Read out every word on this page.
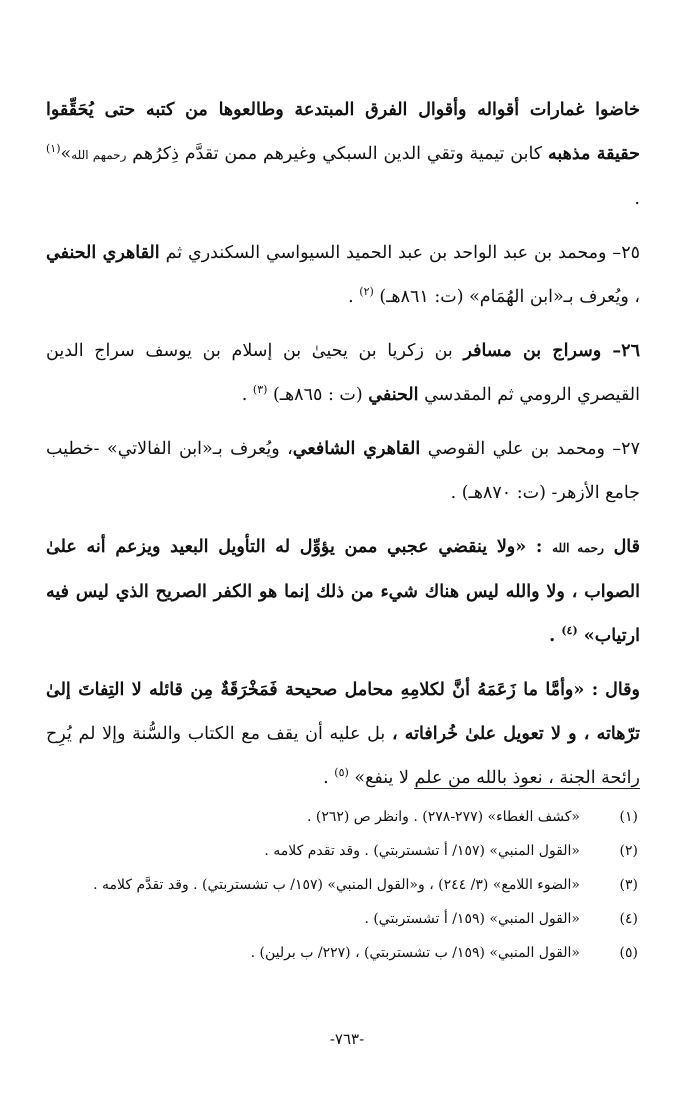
خاضوا غمارات أقواله وأقوال الفرق المبتدعة وطالعوها من كتبه حتى يُحَقِّقوا حقيقة مذهبه كابن تيمية وتقي الدين السبكي وغيرهم ممن تقدَّم ذِكرُهم رحمهم الله»$^{(١)}$ .

٢٥– ومحمد بن عبد الواحد بن عبد الحميد السيواسي السكندري ثم القاهري الحنفي ، ويُعرف بـ«ابن الهُمَام» (ت: ٨٦١هـ) $^{(٢)}$ .

٢٦– وسراج بن مسافر بن زكريا بن يحيىٰ بن إسلام بن يوسف سراج الدين القيصري الرومي ثم المقدسي الحنفي (ت : ٨٦٥هـ) $^{(٣)}$ .

٢٧– ومحمد بن علي القوصي القاهري الشافعي، ويُعرف بـ«ابن الفالاتي» -خطيب جامع الأزهر- (ت: ٨٧٠هـ) .

قال رحمه الله : «ولا ينقضي عجبي ممن يؤوِّل له التأويل البعيد ويزعم أنه علىٰ الصواب ، ولا والله ليس هناك شيء من ذلك إنما هو الكفر الصريح الذي ليس فيه ارتياب» $^{(٤)}$ .

وقال : «وأمَّا ما زَعَمَهُ أنَّ لكلامِهِ محامل صحيحة فَمَخْرَقَةٌ مِن قائله لا التِفاتَ إلىٰ ترّهاته ، و لا تعويل علىٰ خُرافاته ، بل عليه أن يقف مع الكتاب والسُّنة وإلا لم يُرِح رائحة الجنة ، نعوذ بالله من علم لا ينفع» $^{(٥)}$ .

(١)
«كشف الغطاء» (٢٧٧-٢٧٨) . وانظر ص (٢٦٢) .
(٢)
«القول المنبي» (١٥٧/ أ تشستربتي) . وقد تقدم كلامه .
(٣)
«الضوء اللامع» (٣/ ٢٤٤) ، و«القول المنبي» (١٥٧/ ب تشستربتي) . وقد تقدَّم كلامه .
(٤)
«القول المنبي» (١٥٩/ أ تشستربتي) .
(٥)
«القول المنبي» (١٥٩/ ب تشستربتي) ، (٢٢٧/ ب برلين) .
-٧٦٣-
